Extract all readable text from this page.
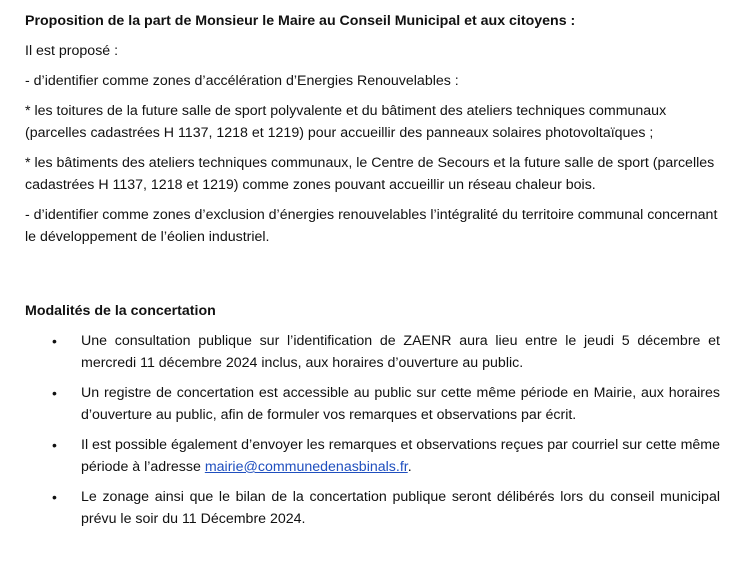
Proposition de la part de Monsieur le Maire au Conseil Municipal et aux citoyens :

Il est proposé :

- d’identifier comme zones d’accélération d’Energies Renouvelables :

* les toitures de la future salle de sport polyvalente et du bâtiment des ateliers techniques communaux (parcelles cadastrées H 1137, 1218 et 1219) pour accueillir des panneaux solaires photovoltaïques ;

* les bâtiments des ateliers techniques communaux, le Centre de Secours et la future salle de sport (parcelles cadastrées H 1137, 1218 et 1219) comme zones pouvant accueillir un réseau chaleur bois.

- d’identifier comme zones d’exclusion d’énergies renouvelables l’intégralité du territoire communal concernant le développement de l’éolien industriel.

Modalités de la concertation

• Une consultation publique sur l’identification de ZAENR aura lieu entre le jeudi 5 décembre et mercredi 11 décembre 2024 inclus, aux horaires d’ouverture au public.
• Un registre de concertation est accessible au public sur cette même période en Mairie, aux horaires d’ouverture au public, afin de formuler vos remarques et observations par écrit.
• Il est possible également d’envoyer les remarques et observations reçues par courriel sur cette même période à l’adresse mairie@communedenasbinals.fr.
• Le zonage ainsi que le bilan de la concertation publique seront délibérés lors du conseil municipal prévu le soir du 11 Décembre 2024.
